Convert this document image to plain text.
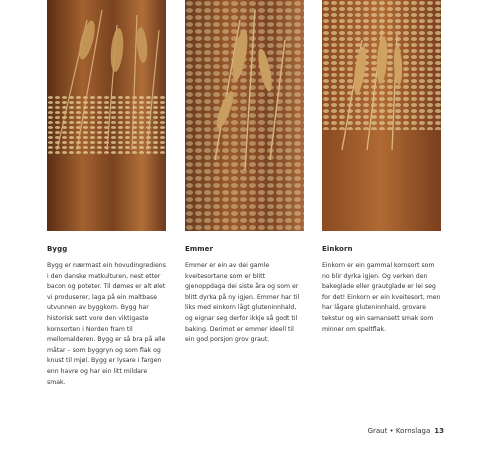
Bygg
Bygg er nærmast ein hovudingrediens i den danske matkulturen, nest etter bacon og poteter. Til dømes er alt ølet vi produserer, laga på ein maltbase utvunnen av byggkorn. Bygg har historisk sett vore den viktigaste kornsorten i Norden fram til mellomalderen. Bygg er så bra på alle måtar – som byggryn og som flak og knust til mjøl. Bygg er lysare i fargen enn havre og har ein litt mildare smak.
Emmer
Emmer er ein av dei gamle kveitesortane som er blitt gjenoppdaga dei siste åra og som er blitt dyrka på ny igjen. Emmer har til liks med einkorn lågt gluteninnhald, og eignar seg derfor ikkje så godt til baking. Derimot er emmer ideell til ein god porsjon grov graut.
Einkorn
Einkorn er ein gammal kornsort som no blir dyrka igjen. Og verken den bakeglade eller grautglade er lei seg for det! Einkorn er ein kveitesort, men har lågare gluteninnhald, grovare tekstur og ein samansett smak som minner om speltflak.
Graut • Kornslaga 13
